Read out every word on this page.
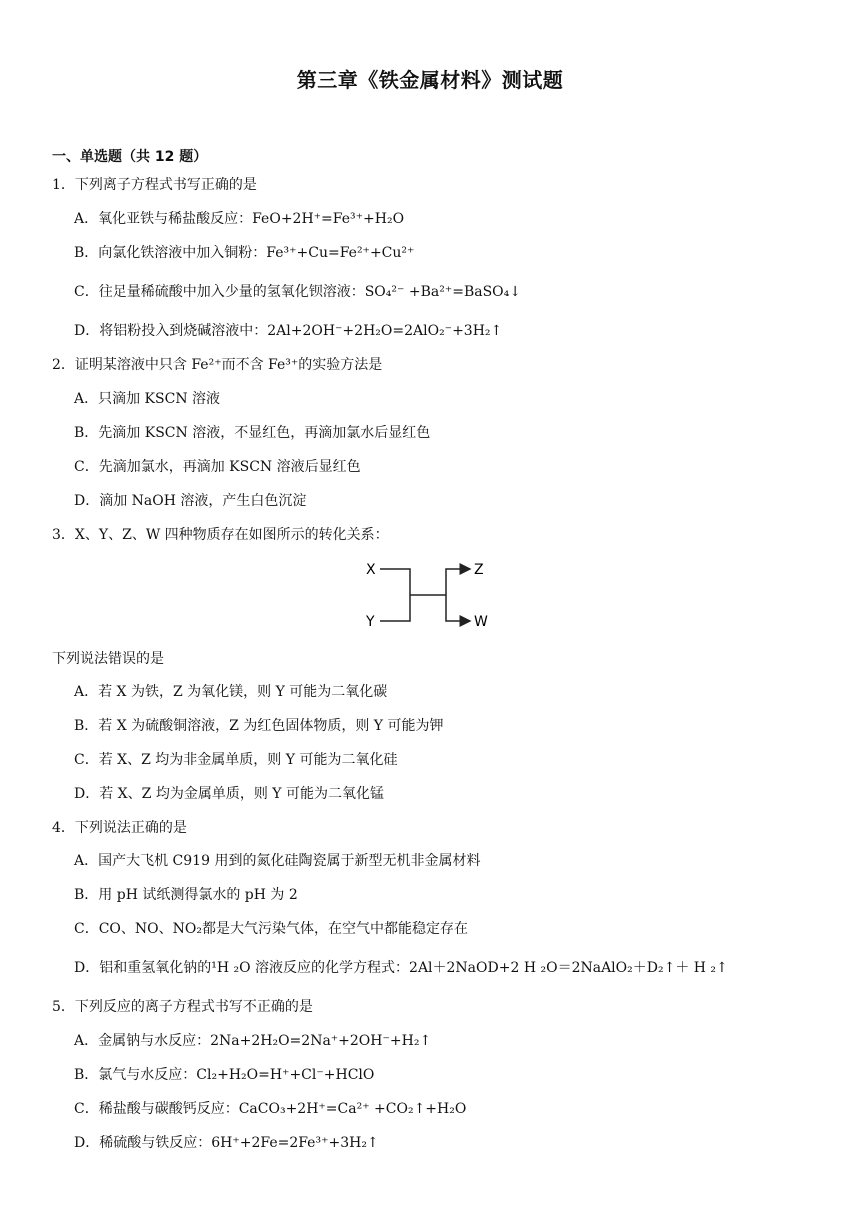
第三章《铁金属材料》测试题
一、单选题（共 12 题）
1．下列离子方程式书写正确的是
A．氧化亚铁与稀盐酸反应：FeO+2H⁺=Fe³⁺+H₂O
B．向氯化铁溶液中加入铜粉：Fe³⁺+Cu=Fe²⁺+Cu²⁺
C．往足量稀硫酸中加入少量的氢氧化钡溶液：SO₄²⁻ +Ba²⁺=BaSO₄↓
D．将铝粉投入到烧碱溶液中：2Al+2OH⁻+2H₂O=2AlO₂⁻+3H₂↑
2．证明某溶液中只含 Fe²⁺而不含 Fe³⁺的实验方法是
A．只滴加 KSCN 溶液
B．先滴加 KSCN 溶液，不显红色，再滴加氯水后显红色
C．先滴加氯水，再滴加 KSCN 溶液后显红色
D．滴加 NaOH 溶液，产生白色沉淀
3．X、Y、Z、W 四种物质存在如图所示的转化关系：
X
Y
Z
W
下列说法错误的是
A．若 X 为铁，Z 为氧化镁，则 Y 可能为二氧化碳
B．若 X 为硫酸铜溶液，Z 为红色固体物质，则 Y 可能为钾
C．若 X、Z 均为非金属单质，则 Y 可能为二氧化硅
D．若 X、Z 均为金属单质，则 Y 可能为二氧化锰
4．下列说法正确的是
A．国产大飞机 C919 用到的氮化硅陶瓷属于新型无机非金属材料
B．用 pH 试纸测得氯水的 pH 为 2
C．CO、NO、NO₂都是大气污染气体，在空气中都能稳定存在
D．铝和重氢氧化钠的¹H ₂O 溶液反应的化学方程式：2Al＋2NaOD+2 H ₂O＝2NaAlO₂＋D₂↑＋ H ₂↑
5．下列反应的离子方程式书写不正确的是
A．金属钠与水反应：2Na+2H₂O=2Na⁺+2OH⁻+H₂↑
B．氯气与水反应：Cl₂+H₂O=H⁺+Cl⁻+HClO
C．稀盐酸与碳酸钙反应：CaCO₃+2H⁺=Ca²⁺ +CO₂↑+H₂O
D．稀硫酸与铁反应：6H⁺+2Fe=2Fe³⁺+3H₂↑
